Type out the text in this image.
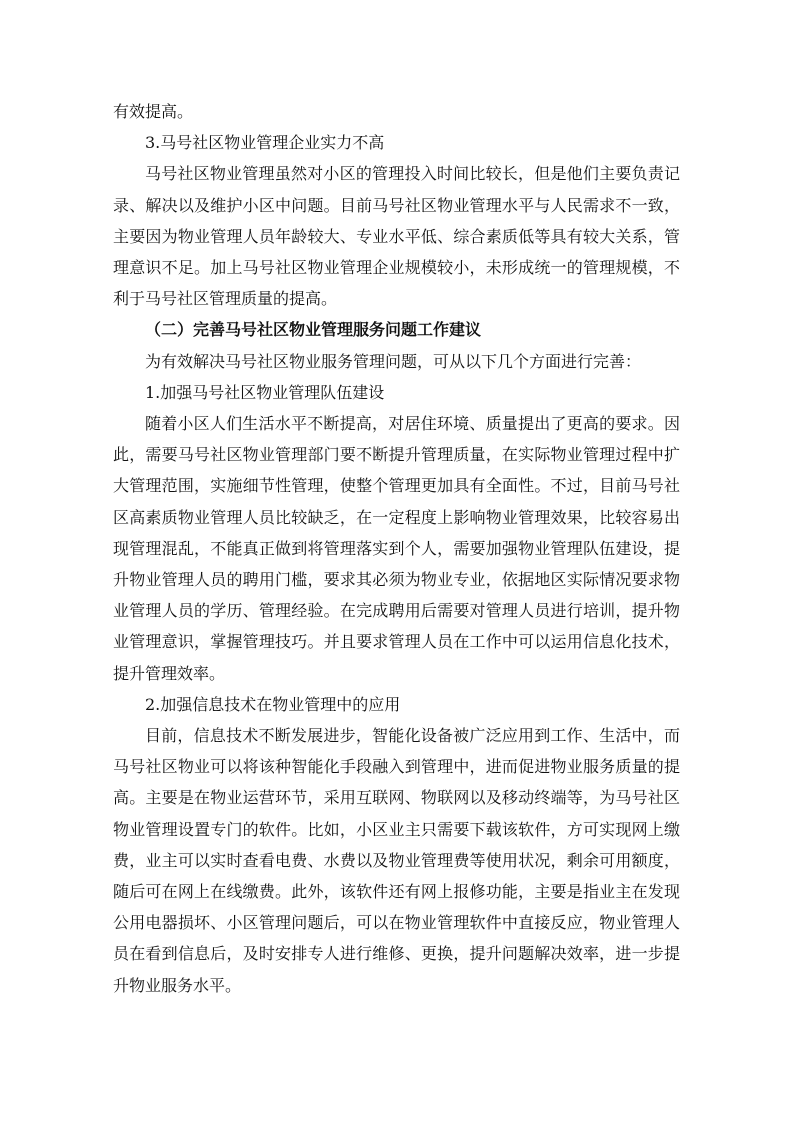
有效提高。

3.马号社区物业管理企业实力不高

马号社区物业管理虽然对小区的管理投入时间比较长，但是他们主要负责记录、解决以及维护小区中问题。目前马号社区物业管理水平与人民需求不一致，主要因为物业管理人员年龄较大、专业水平低、综合素质低等具有较大关系，管理意识不足。加上马号社区物业管理企业规模较小，未形成统一的管理规模，不利于马号社区管理质量的提高。

（二）完善马号社区物业管理服务问题工作建议

为有效解决马号社区物业服务管理问题，可从以下几个方面进行完善：

1.加强马号社区物业管理队伍建设

随着小区人们生活水平不断提高，对居住环境、质量提出了更高的要求。因此，需要马号社区物业管理部门要不断提升管理质量，在实际物业管理过程中扩大管理范围，实施细节性管理，使整个管理更加具有全面性。不过，目前马号社区高素质物业管理人员比较缺乏，在一定程度上影响物业管理效果，比较容易出现管理混乱，不能真正做到将管理落实到个人，需要加强物业管理队伍建设，提升物业管理人员的聘用门槛，要求其必须为物业专业，依据地区实际情况要求物业管理人员的学历、管理经验。在完成聘用后需要对管理人员进行培训，提升物业管理意识，掌握管理技巧。并且要求管理人员在工作中可以运用信息化技术，提升管理效率。

2.加强信息技术在物业管理中的应用

目前，信息技术不断发展进步，智能化设备被广泛应用到工作、生活中，而马号社区物业可以将该种智能化手段融入到管理中，进而促进物业服务质量的提高。主要是在物业运营环节，采用互联网、物联网以及移动终端等，为马号社区物业管理设置专门的软件。比如，小区业主只需要下载该软件，方可实现网上缴费，业主可以实时查看电费、水费以及物业管理费等使用状况，剩余可用额度，随后可在网上在线缴费。此外，该软件还有网上报修功能，主要是指业主在发现公用电器损坏、小区管理问题后，可以在物业管理软件中直接反应，物业管理人员在看到信息后，及时安排专人进行维修、更换，提升问题解决效率，进一步提升物业服务水平。
